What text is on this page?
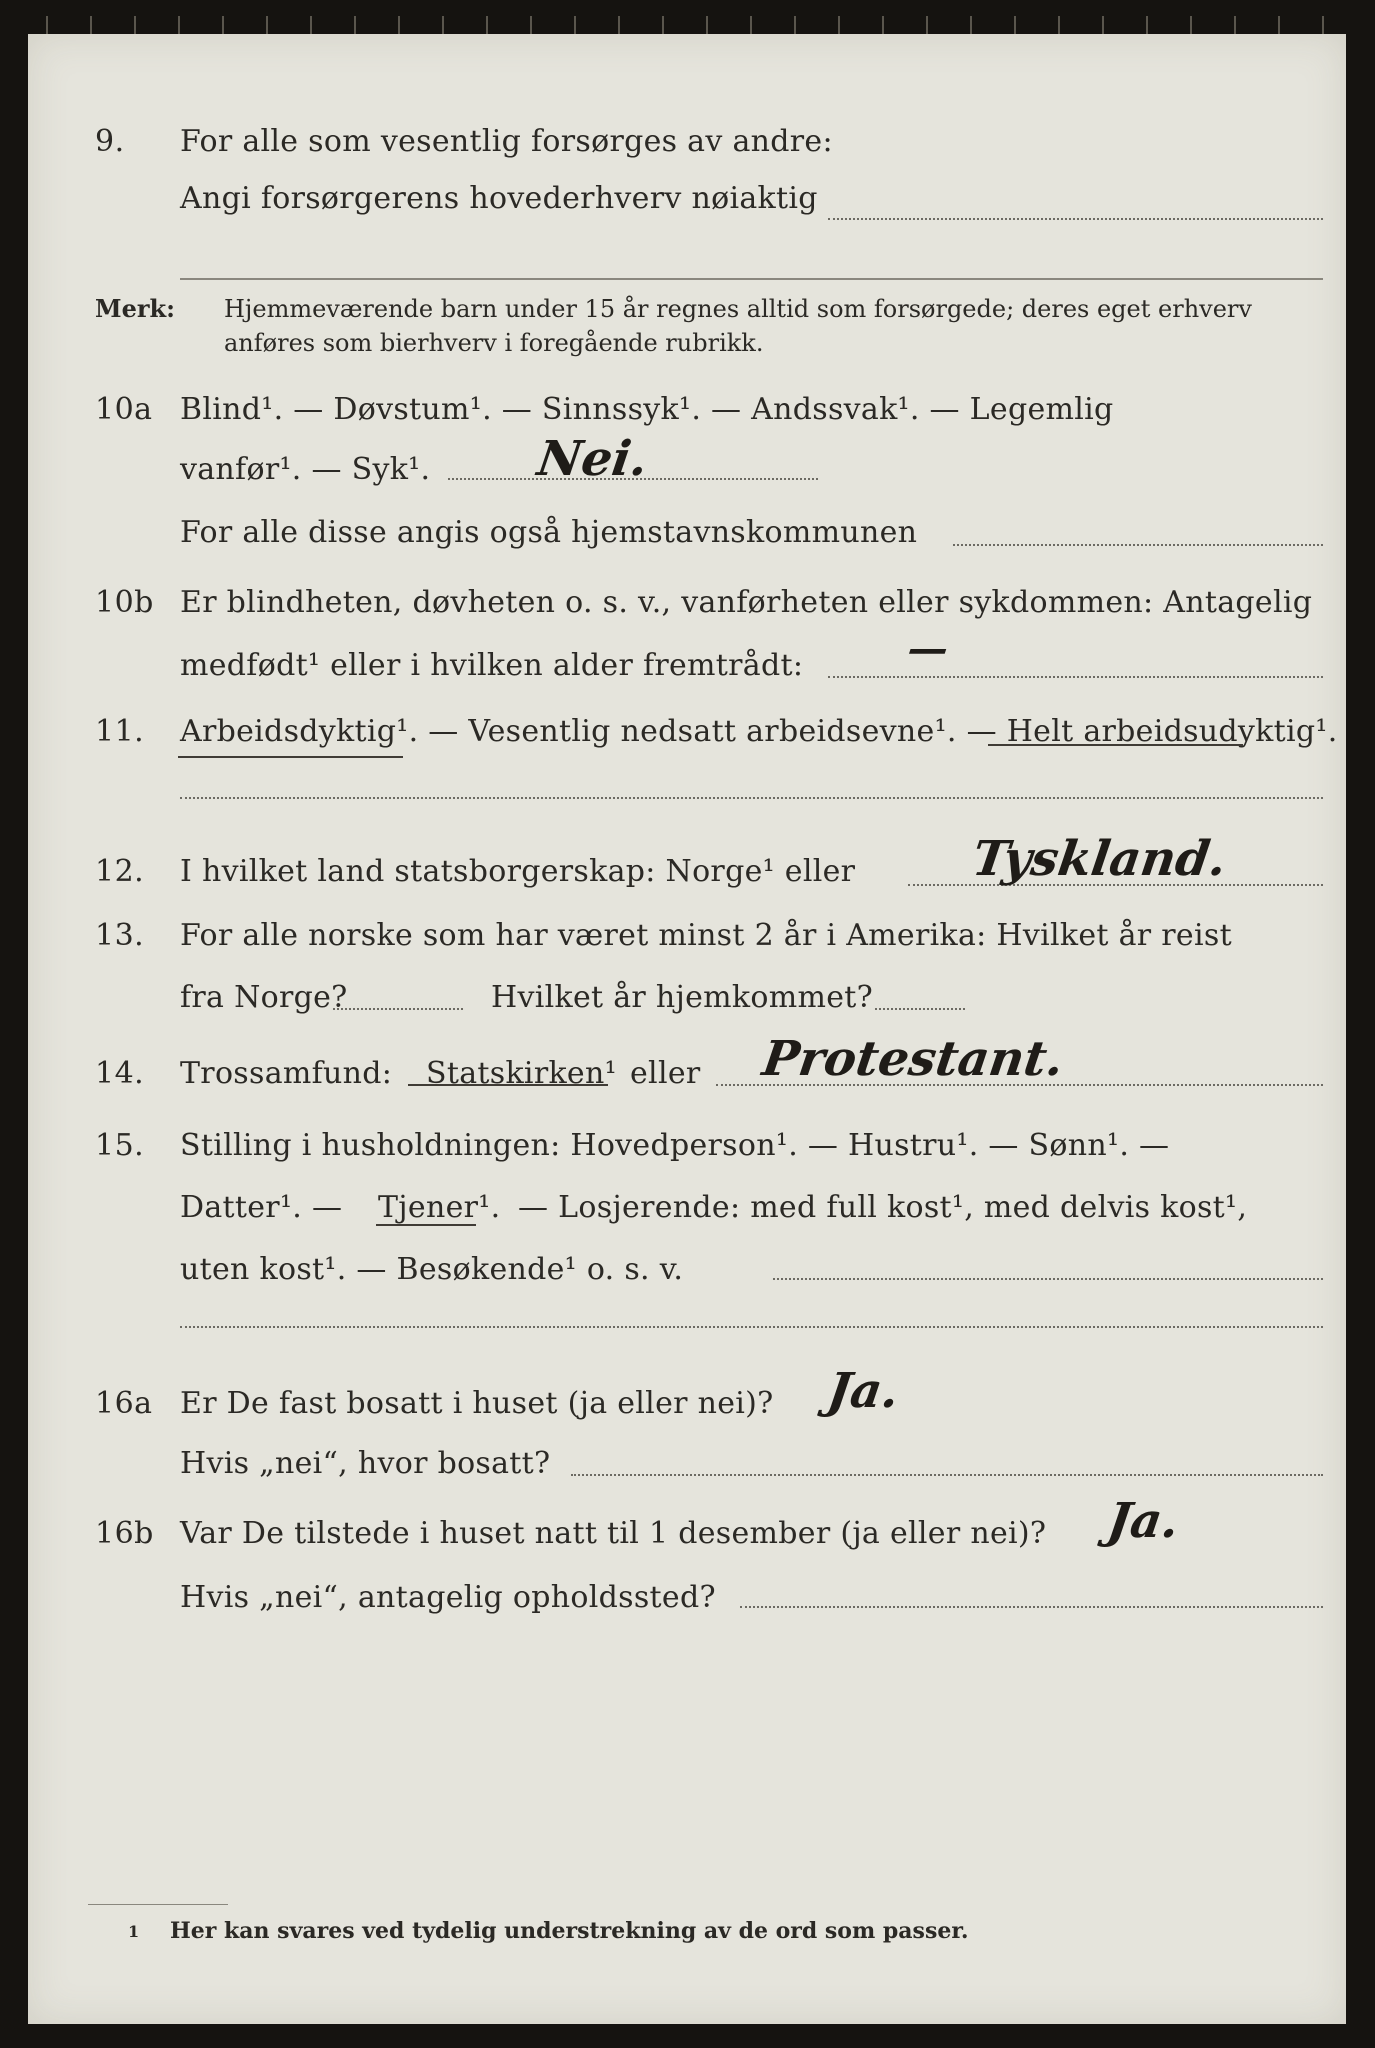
9. For alle som vesentlig forsørges av andre:
Angi forsørgerens hovederhverv nøiaktig
Merk: Hjemmeværende barn under 15 år regnes alltid som forsørgede; deres eget erhverv
anføres som bierhverv i foregående rubrikk.
10a Blind¹. — Døvstum¹. — Sinnssyk¹. — Andssvak¹. — Legemlig
vanfør¹. — Syk¹. Nei.
For alle disse angis også hjemstavnskommunen
10b Er blindheten, døvheten o. s. v., vanførheten eller sykdommen: Antagelig
medfødt¹ eller i hvilken alder fremtrådt:	—
11. Arbeidsdyktig¹. — Vesentlig nedsatt arbeidsevne¹. — Helt arbeidsudyktig¹.
12. I hvilket land statsborgerskap: Norge¹ eller Tyskland.
13. For alle norske som har været minst 2 år i Amerika: Hvilket år reist
fra Norge?	Hvilket år hjemkommet?
14. Trossamfund: Statskirken¹ eller Protestant.
15. Stilling i husholdningen: Hovedperson¹. — Hustru¹. — Sønn¹. —
Datter¹. — Tjener¹. — Losjerende: med full kost¹, med delvis kost¹,
uten kost¹. — Besøkende¹ o. s. v.
16a Er De fast bosatt i huset (ja eller nei)? Ja.
Hvis „nei“, hvor bosatt?
16b Var De tilstede i huset natt til 1 desember (ja eller nei)? Ja.
Hvis „nei“, antagelig opholdssted?
1 Her kan svares ved tydelig understrekning av de ord som passer.
